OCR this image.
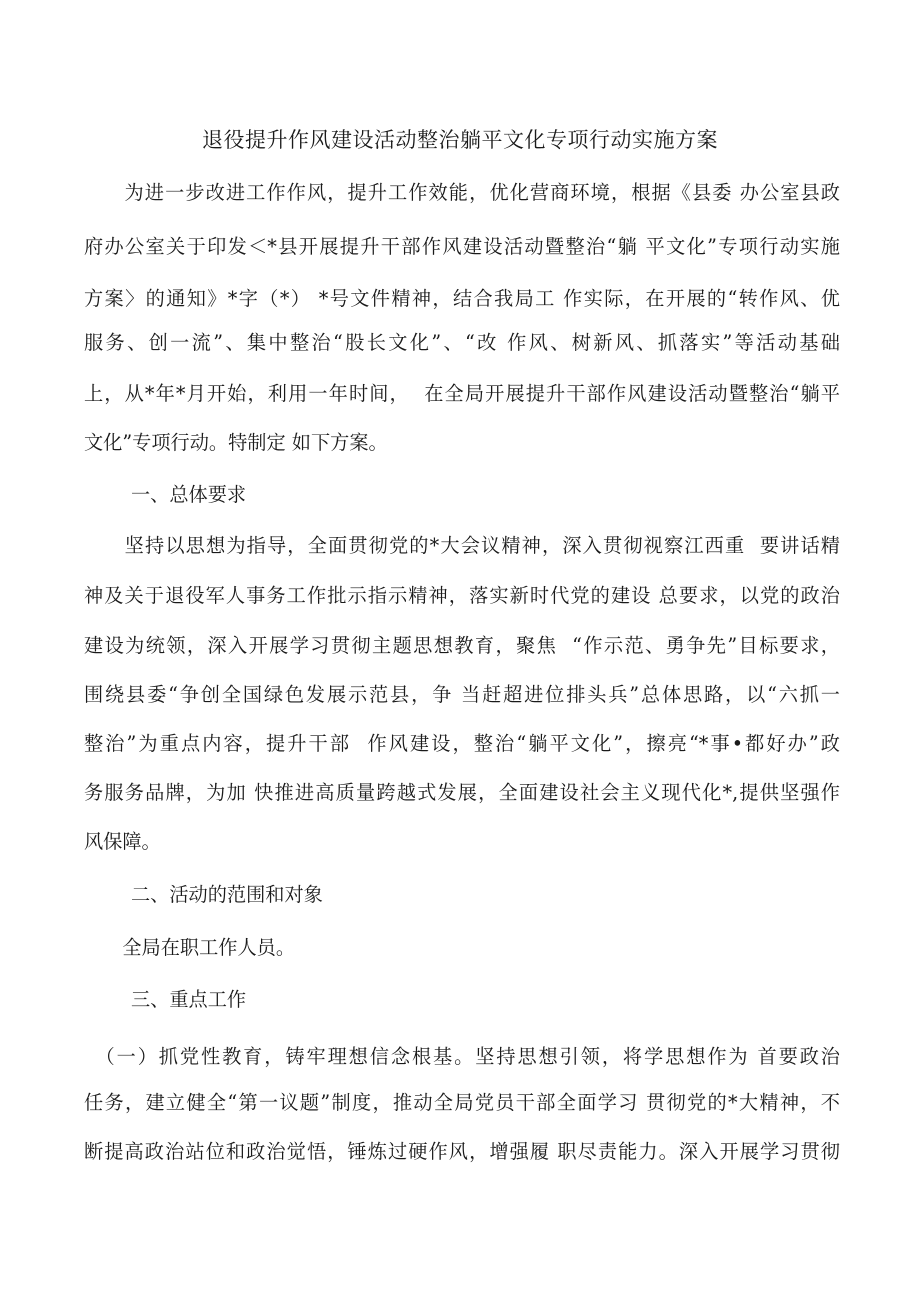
退役提升作风建设活动整治躺平文化专项行动实施方案
　　为进一步改进工作作风，提升工作效能，优化营商环境，根据《县委 办公室县政
府办公室关于印发＜*县开展提升干部作风建设活动暨整治“躺 平文化”专项行动实施
方案〉的通知》*字（*） *号文件精神，结合我局工 作实际，在开展的“转作风、优
服务、创一流”、集中整治“股长文化”、“改 作风、树新风、抓落实”等活动基础
上，从*年*月开始，利用一年时间，  在全局开展提升干部作风建设活动暨整治“躺平
文化”专项行动。特制定 如下方案。
一、总体要求
　　坚持以思想为指导，全面贯彻党的*大会议精神，深入贯彻视察江西重  要讲话精
神及关于退役军人事务工作批示指示精神，落实新时代党的建设 总要求，以党的政治
建设为统领，深入开展学习贯彻主题思想教育，聚焦  “作示范、勇争先”目标要求，
围绕县委“争创全国绿色发展示范县，争 当赶超进位排头兵”总体思路，以“六抓一
整治”为重点内容，提升干部  作风建设，整治“躺平文化”，擦亮“*事•都好办”政
务服务品牌，为加 快推进高质量跨越式发展，全面建设社会主义现代化*,提供坚强作
风保障。
二、活动的范围和对象
　　全局在职工作人员。
三、重点工作
　（一）抓党性教育，铸牢理想信念根基。坚持思想引领，将学思想作为 首要政治
任务，建立健全“第一议题”制度，推动全局党员干部全面学习 贯彻党的*大精神，不
断提高政治站位和政治觉悟，锤炼过硬作风，增强履 职尽责能力。深入开展学习贯彻
